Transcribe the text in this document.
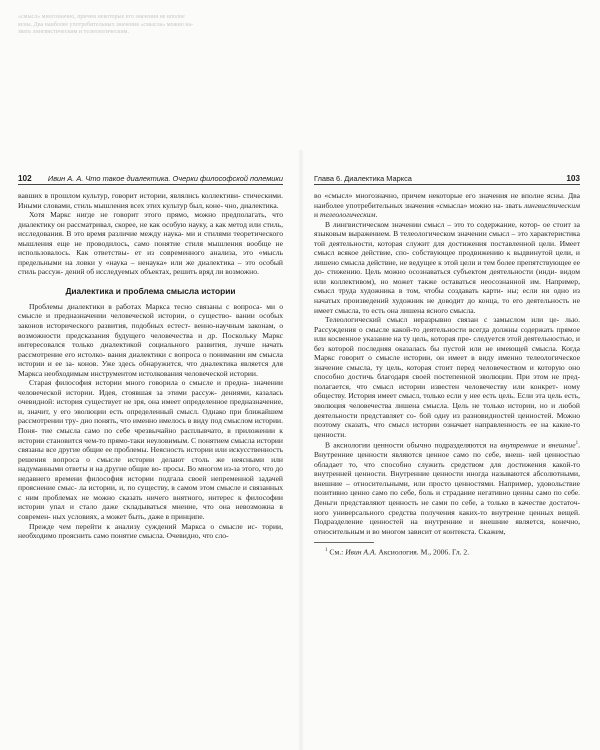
«смысл» многозначно, причем некоторые его значения не вполне
ясны. Два наиболее употребительных значения «смысла» можно на-
звать лингвистическим и телеологическим.
102 Ивин А. А. Что такое диалектика. Очерки философской полемики

вавших в прошлом культур, говорит истории, являлись коллективи- стическими. Иными словами, стиль мышления всех этих культур был, коне- чно, диалектика.

Хотя Маркс нигде не говорит этого прямо, можно предполагать, что диалектику он рассматривал, скорее, не как особую науку, а как метод или стиль, исследования. В это время различие между наука- ми и стилями теоретического мышления еще не проводилось, само понятие стиля мышления вообще не использовалось. Как ответствы- ет из современного анализа, это «мысль предельными на ловки у «наука – ненаука» или же диалектика – это особый стиль рассуж- дений об исследуемых объектах, решить вряд ли возможно.

Диалектика и проблема смысла истории

Проблемы диалектики в работах Маркса тесно связаны с вопроса- ми о смысле и предназначении человеческой истории, о существо- вании особых законов исторического развития, подобных естест- венно-научным законам, о возможности предсказания будущего человечества и др. Поскольку Маркс интересовался только диалектикой социального развития, лучше начать рассмотрение его истолко- вания диалектики с вопроса о понимании им смысла истории и ее за- конов. Уже здесь обнаружится, что диалектика является для Маркса необходимым инструментом истолкования человеческой истории.

Старая философия истории много говорила о смысле и предна- значении человеческой истории. Идея, стоявшая за этими рассуж- дениями, казалась очевидной: история существует не зря, она имеет определенное предназначение, и, значит, у его эволюции есть определенный смысл. Однако при ближайшем рассмотрении тру- дно понять, что именно имелось в виду под смыслом истории. Поня- тие смысла само по себе чрезвычайно расплывчато, в приложении к истории становится чем-то прямо-таки неуловимым. С понятием смысла истории связаны все другие общие ее проблемы. Неясность истории или искусственность решения вопроса о смысле истории делают столь же неясными или надуманными ответы и на другие общие во- просы. Во многом из-за этого, что до недавнего времени философия истории подгала своей непременной задачей прояснение смыс- ла истории, и, по существу, в самом этом смысле и связанных с ним проблемах не можно сказать ничего внятного, интерес к философии истории упал и стало даже складываться мнение, что она невозможна в современ- ных условиях, а может быть, даже в принципе.

Прежде чем перейти к анализу суждений Маркса о смысле ис- тории, необходимо прояснить само понятие смысла. Очевидно, что сло-

Глава 6. Диалектика Маркса	103

во «смысл» многозначно, причем некоторые его значения не вполне ясны. Два наиболее употребительных значения «смысла» можно на- звать лингвистическим и телеологическим.

В лингвистическом значении смысл – это то содержание, котор- ое стоит за языковым выражением. В телеологическом значении смысл – это характеристика той деятельности, которая служит для достижения поставленной цели. Имеет смысл всякое действие, спо- собствующее продвижению к выдвинутой цели, и лишено смысла действие, не ведущее к этой цели и тем более препятствующее ее до- стижению. Цель можно осознаваться субъектом деятельности (инди- видом или коллективом), но может также оставаться неосознанной им. Например, смысл труда художника в том, чтобы создавать карти- ны; если ни одно из начатых произведений художник не доводит до конца, то его деятельность не имеет смысла, то есть она лишена ясного смысла.

Телеологический смысл неразрывно связан с замыслом или це- лью. Рассуждения о смысле какой-то деятельности всегда должны содержать прямое или косвенное указание на ту цель, которая пре- следуется этой деятельностью, и без которой последняя оказалась бы пустой или не имеющей смысла. Когда Маркс говорит о смысле истории, он имеет в виду именно телеологическое значение смысла, ту цель, которая стоит перед человечеством и которую оно способно достичь благодаря своей постепенной эволюции. При этом не пред- полагается, что смысл истории известен человечеству или конкрет- ному обществу. История имеет смысл, только если у нее есть цель. Если эта цель есть, эволюция человечества лишена смысла. Цель не только истории, но и любой деятельности представляет со- бой одну из разновидностей ценностей. Можно поэтому сказать, что смысл истории означает направленность ее на какие-то ценности.

В аксиологии ценности обычно подразделяются на внутренние и внешние$^1$. Внутренние ценности являются ценное само по себе, внеш- ней ценностью обладает то, что способно служить средством для достижения какой-то внутренней ценности. Внутренние ценности иногда называются абсолютными, внешние – относительными, или просто ценностями. Например, удовольствие позитивно ценно само по себе, боль и страдание негативно ценны само по себе. Деньги представляют ценность не сами по себе, а только в качестве достаточ- ного универсального средства получения каких-то внутренне ценных вещей. Подразделение ценностей на внутренние и внешние является, конечно, относительным и во многом зависит от контекста. Скажем,

$^1$ См.: Ивин А.А. Аксиология. М., 2006. Гл. 2.
